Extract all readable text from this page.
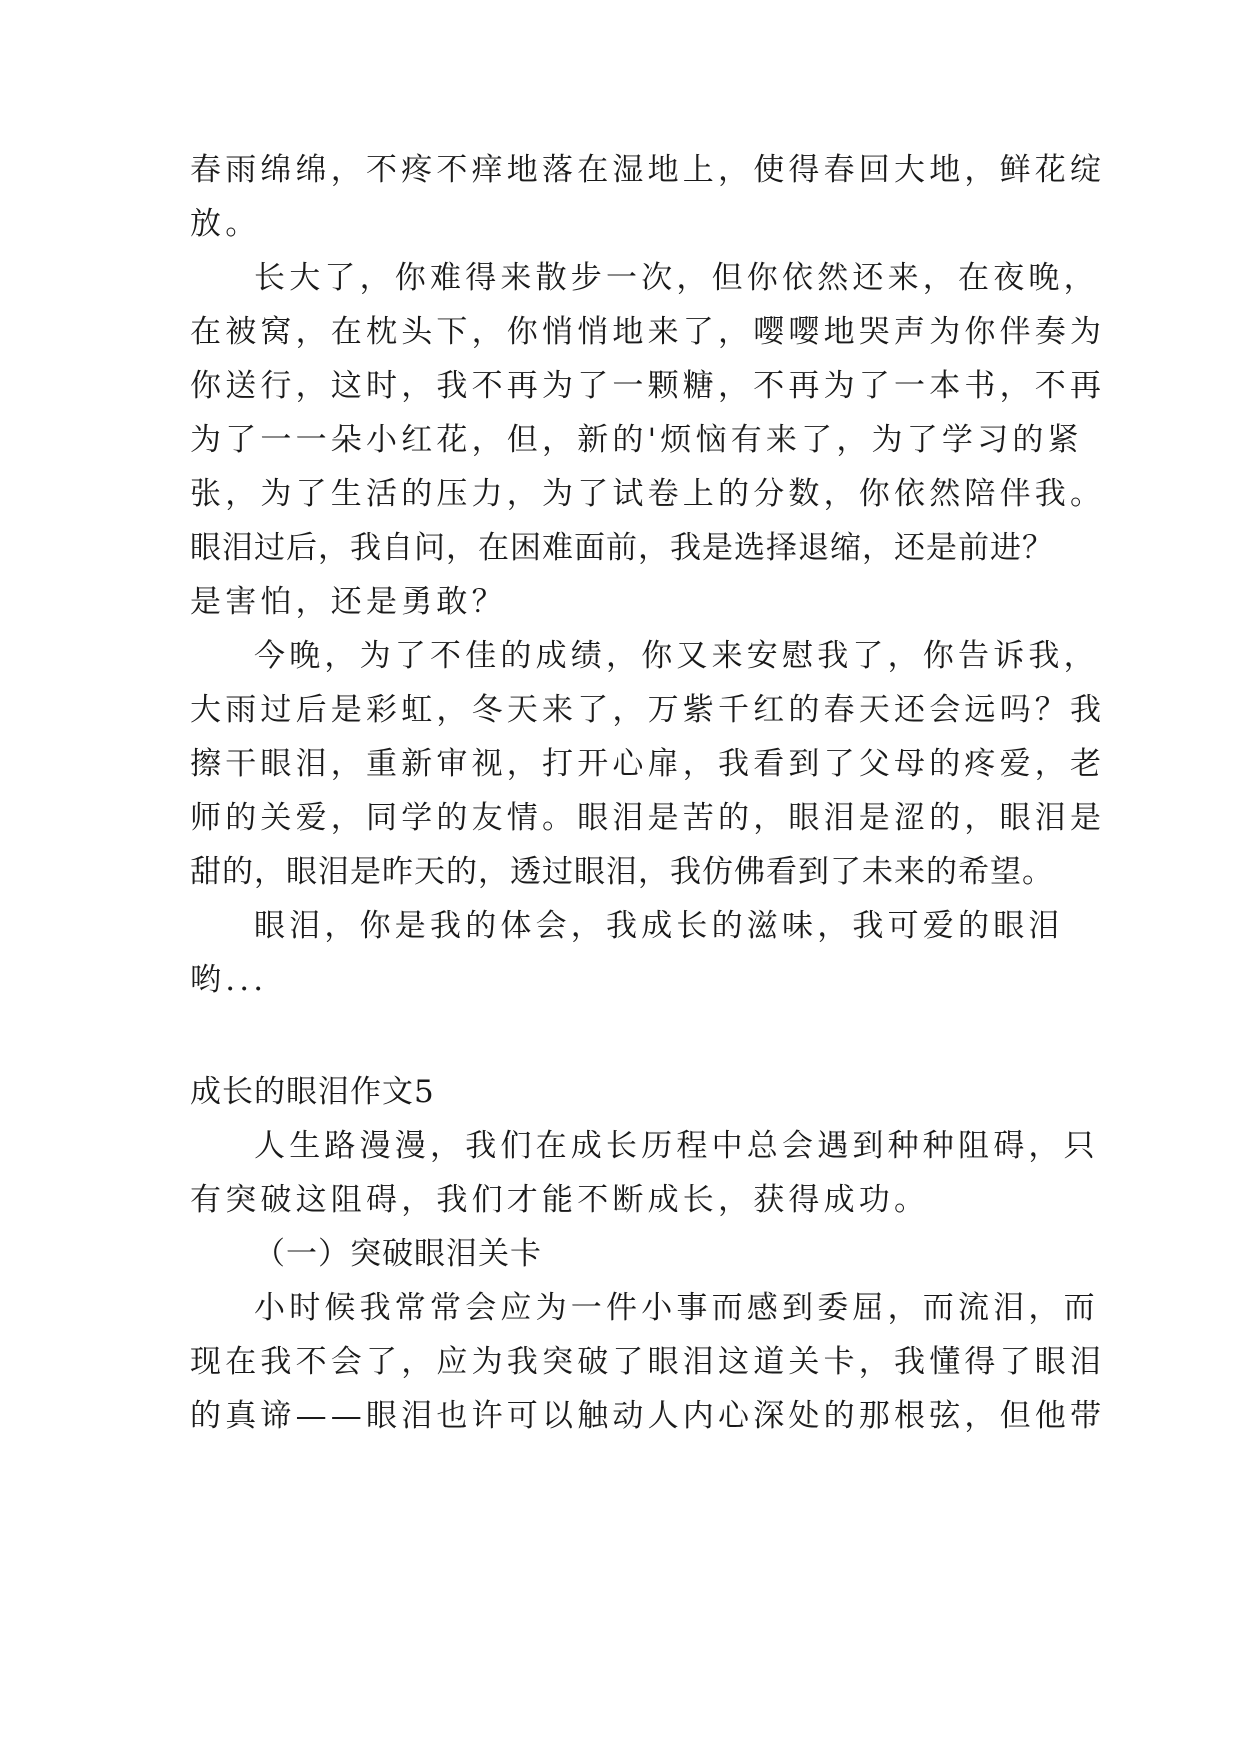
春雨绵绵，不疼不痒地落在湿地上，使得春回大地，鲜花绽
放。
长大了，你难得来散步一次，但你依然还来，在夜晚，
在被窝，在枕头下，你悄悄地来了，嘤嘤地哭声为你伴奏为
你送行，这时，我不再为了一颗糖，不再为了一本书，不再
为了一一朵小红花，但，新的'烦恼有来了，为了学习的紧
张，为了生活的压力，为了试卷上的分数，你依然陪伴我。
眼泪过后，我自问，在困难面前，我是选择退缩，还是前进？
是害怕，还是勇敢？
今晚，为了不佳的成绩，你又来安慰我了，你告诉我，
大雨过后是彩虹，冬天来了，万紫千红的春天还会远吗？我
擦干眼泪，重新审视，打开心扉，我看到了父母的疼爱，老
师的关爱，同学的友情。眼泪是苦的，眼泪是涩的，眼泪是
甜的，眼泪是昨天的，透过眼泪，我仿佛看到了未来的希望。
眼泪，你是我的体会，我成长的滋味，我可爱的眼泪
哟...
成长的眼泪作文5
人生路漫漫，我们在成长历程中总会遇到种种阻碍，只
有突破这阻碍，我们才能不断成长，获得成功。
（一）突破眼泪关卡
小时候我常常会应为一件小事而感到委屈，而流泪，而
现在我不会了，应为我突破了眼泪这道关卡，我懂得了眼泪
的真谛——眼泪也许可以触动人内心深处的那根弦，但他带
